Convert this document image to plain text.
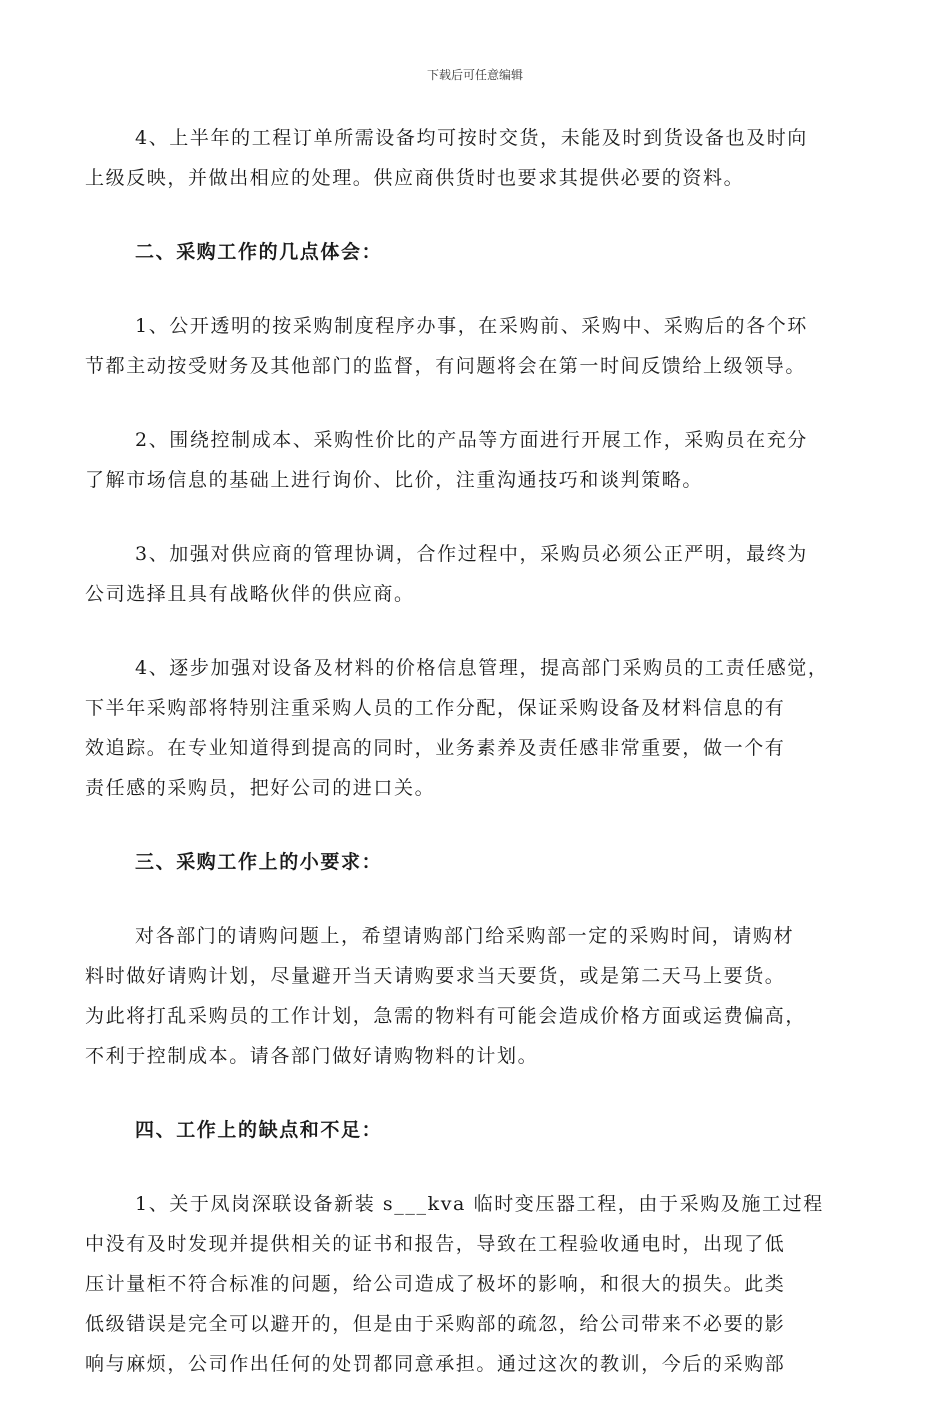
下载后可任意编辑
4、上半年的工程订单所需设备均可按时交货，未能及时到货设备也及时向
上级反映，并做出相应的处理。供应商供货时也要求其提供必要的资料。
二、采购工作的几点体会：
1、公开透明的按采购制度程序办事，在采购前、采购中、采购后的各个环
节都主动按受财务及其他部门的监督，有问题将会在第一时间反馈给上级领导。
2、围绕控制成本、采购性价比的产品等方面进行开展工作，采购员在充分
了解市场信息的基础上进行询价、比价，注重沟通技巧和谈判策略。
3、加强对供应商的管理协调，合作过程中，采购员必须公正严明，最终为
公司选择且具有战略伙伴的供应商。
4、逐步加强对设备及材料的价格信息管理，提高部门采购员的工责任感觉，
下半年采购部将特别注重采购人员的工作分配，保证采购设备及材料信息的有
效追踪。在专业知道得到提高的同时，业务素养及责任感非常重要，做一个有
责任感的采购员，把好公司的进口关。
三、采购工作上的小要求：
对各部门的请购问题上，希望请购部门给采购部一定的采购时间，请购材
料时做好请购计划，尽量避开当天请购要求当天要货，或是第二天马上要货。
为此将打乱采购员的工作计划，急需的物料有可能会造成价格方面或运费偏高，
不利于控制成本。请各部门做好请购物料的计划。
四、工作上的缺点和不足：
1、关于凤岗深联设备新装 s___kva 临时变压器工程，由于采购及施工过程
中没有及时发现并提供相关的证书和报告，导致在工程验收通电时，出现了低
压计量柜不符合标准的问题，给公司造成了极坏的影响，和很大的损失。此类
低级错误是完全可以避开的，但是由于采购部的疏忽，给公司带来不必要的影
响与麻烦，公司作出任何的处罚都同意承担。通过这次的教训，今后的采购部
